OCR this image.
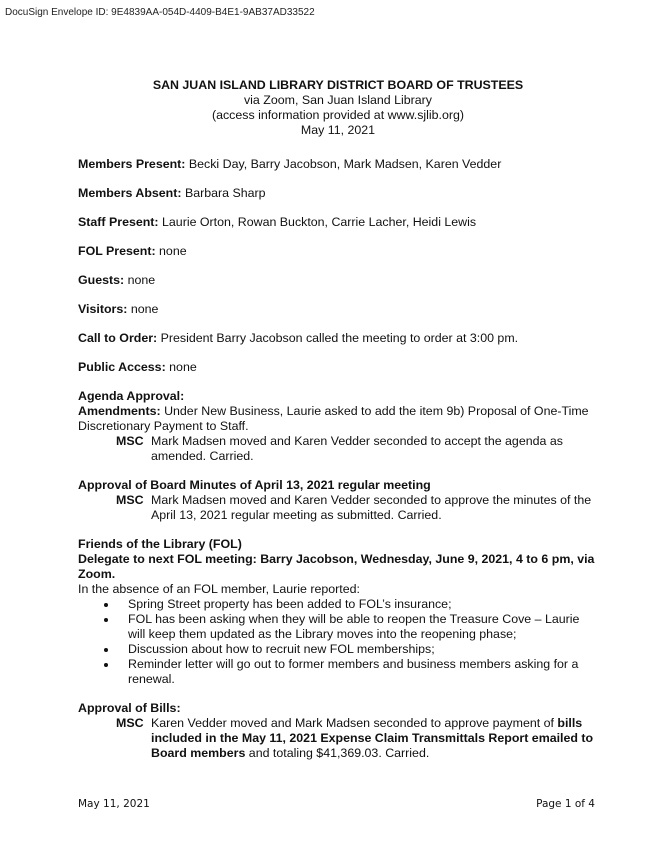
DocuSign Envelope ID: 9E4839AA-054D-4409-B4E1-9AB37AD33522
SAN JUAN ISLAND LIBRARY DISTRICT BOARD OF TRUSTEES
via Zoom, San Juan Island Library
(access information provided at www.sjlib.org)
May 11, 2021
Members Present: Becki Day, Barry Jacobson, Mark Madsen, Karen Vedder
Members Absent: Barbara Sharp
Staff Present: Laurie Orton, Rowan Buckton, Carrie Lacher, Heidi Lewis
FOL Present: none
Guests: none
Visitors: none
Call to Order: President Barry Jacobson called the meeting to order at 3:00 pm.
Public Access: none
Agenda Approval:
Amendments: Under New Business, Laurie asked to add the item 9b) Proposal of One-Time Discretionary Payment to Staff.
MSC Mark Madsen moved and Karen Vedder seconded to accept the agenda as amended. Carried.
Approval of Board Minutes of April 13, 2021 regular meeting
MSC Mark Madsen moved and Karen Vedder seconded to approve the minutes of the April 13, 2021 regular meeting as submitted. Carried.
Friends of the Library (FOL)
Delegate to next FOL meeting: Barry Jacobson, Wednesday, June 9, 2021, 4 to 6 pm, via Zoom.
In the absence of an FOL member, Laurie reported:
• Spring Street property has been added to FOL’s insurance;
• FOL has been asking when they will be able to reopen the Treasure Cove – Laurie will keep them updated as the Library moves into the reopening phase;
• Discussion about how to recruit new FOL memberships;
• Reminder letter will go out to former members and business members asking for a renewal.
Approval of Bills:
MSC Karen Vedder moved and Mark Madsen seconded to approve payment of bills included in the May 11, 2021 Expense Claim Transmittals Report emailed to Board members and totaling $41,369.03. Carried.
May 11, 2021	Page 1 of 4
